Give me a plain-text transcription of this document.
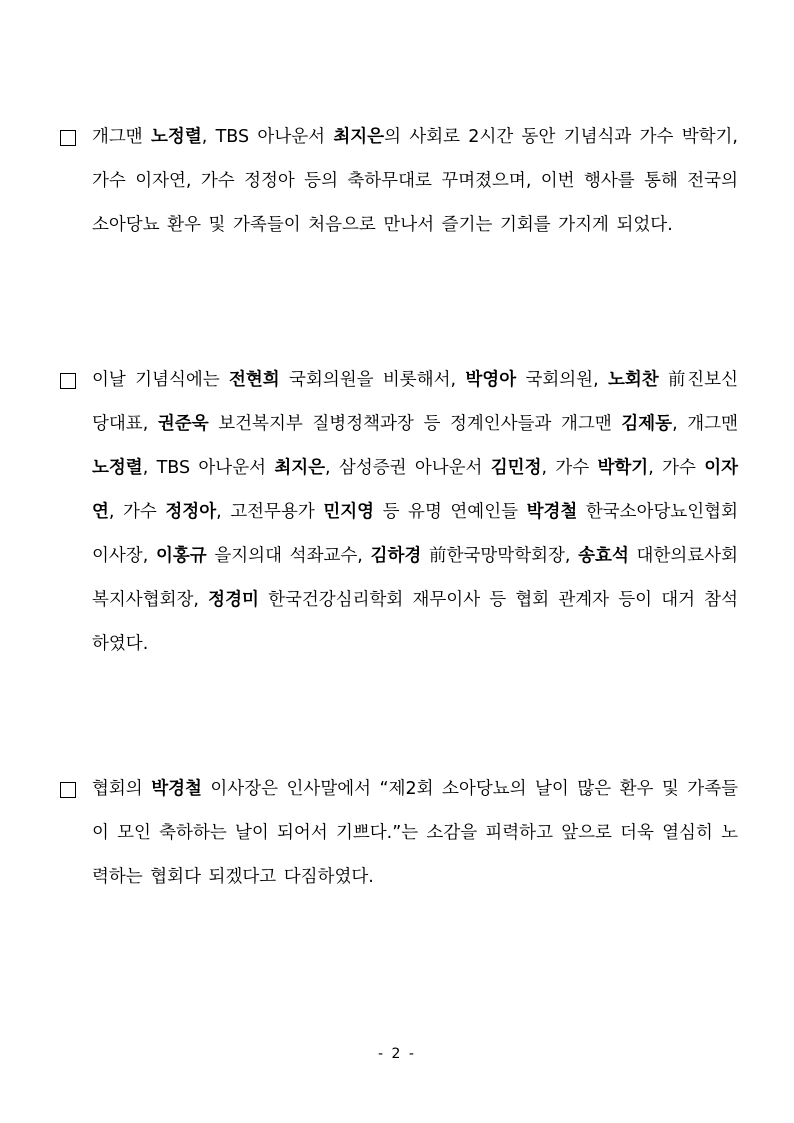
개그맨 노정렬, TBS 아나운서 최지은의 사회로 2시간 동안 기념식과 가수 박학기, 가수 이자연, 가수 정정아 등의 축하무대로 꾸며졌으며, 이번 행사를 통해 전국의 소아당뇨 환우 및 가족들이 처음으로 만나서 즐기는 기회를 가지게 되었다.
이날 기념식에는 전현희 국회의원을 비롯해서, 박영아 국회의원, 노회찬 前진보신당대표, 권준욱 보건복지부 질병정책과장 등 정계인사들과 개그맨 김제동, 개그맨 노정렬, TBS 아나운서 최지은, 삼성증권 아나운서 김민정, 가수 박학기, 가수 이자연, 가수 정정아, 고전무용가 민지영 등 유명 연예인들 박경철 한국소아당뇨인협회 이사장, 이홍규 을지의대 석좌교수, 김하경 前한국망막학회장, 송효석 대한의료사회복지사협회장, 정경미 한국건강심리학회 재무이사 등 협회 관계자 등이 대거 참석하였다.
협회의 박경철 이사장은 인사말에서 “제2회 소아당뇨의 날이 많은 환우 및 가족들이 모인 축하하는 날이 되어서 기쁘다.”는 소감을 피력하고 앞으로 더욱 열심히 노력하는 협회다 되겠다고 다짐하였다.
- 2 -
